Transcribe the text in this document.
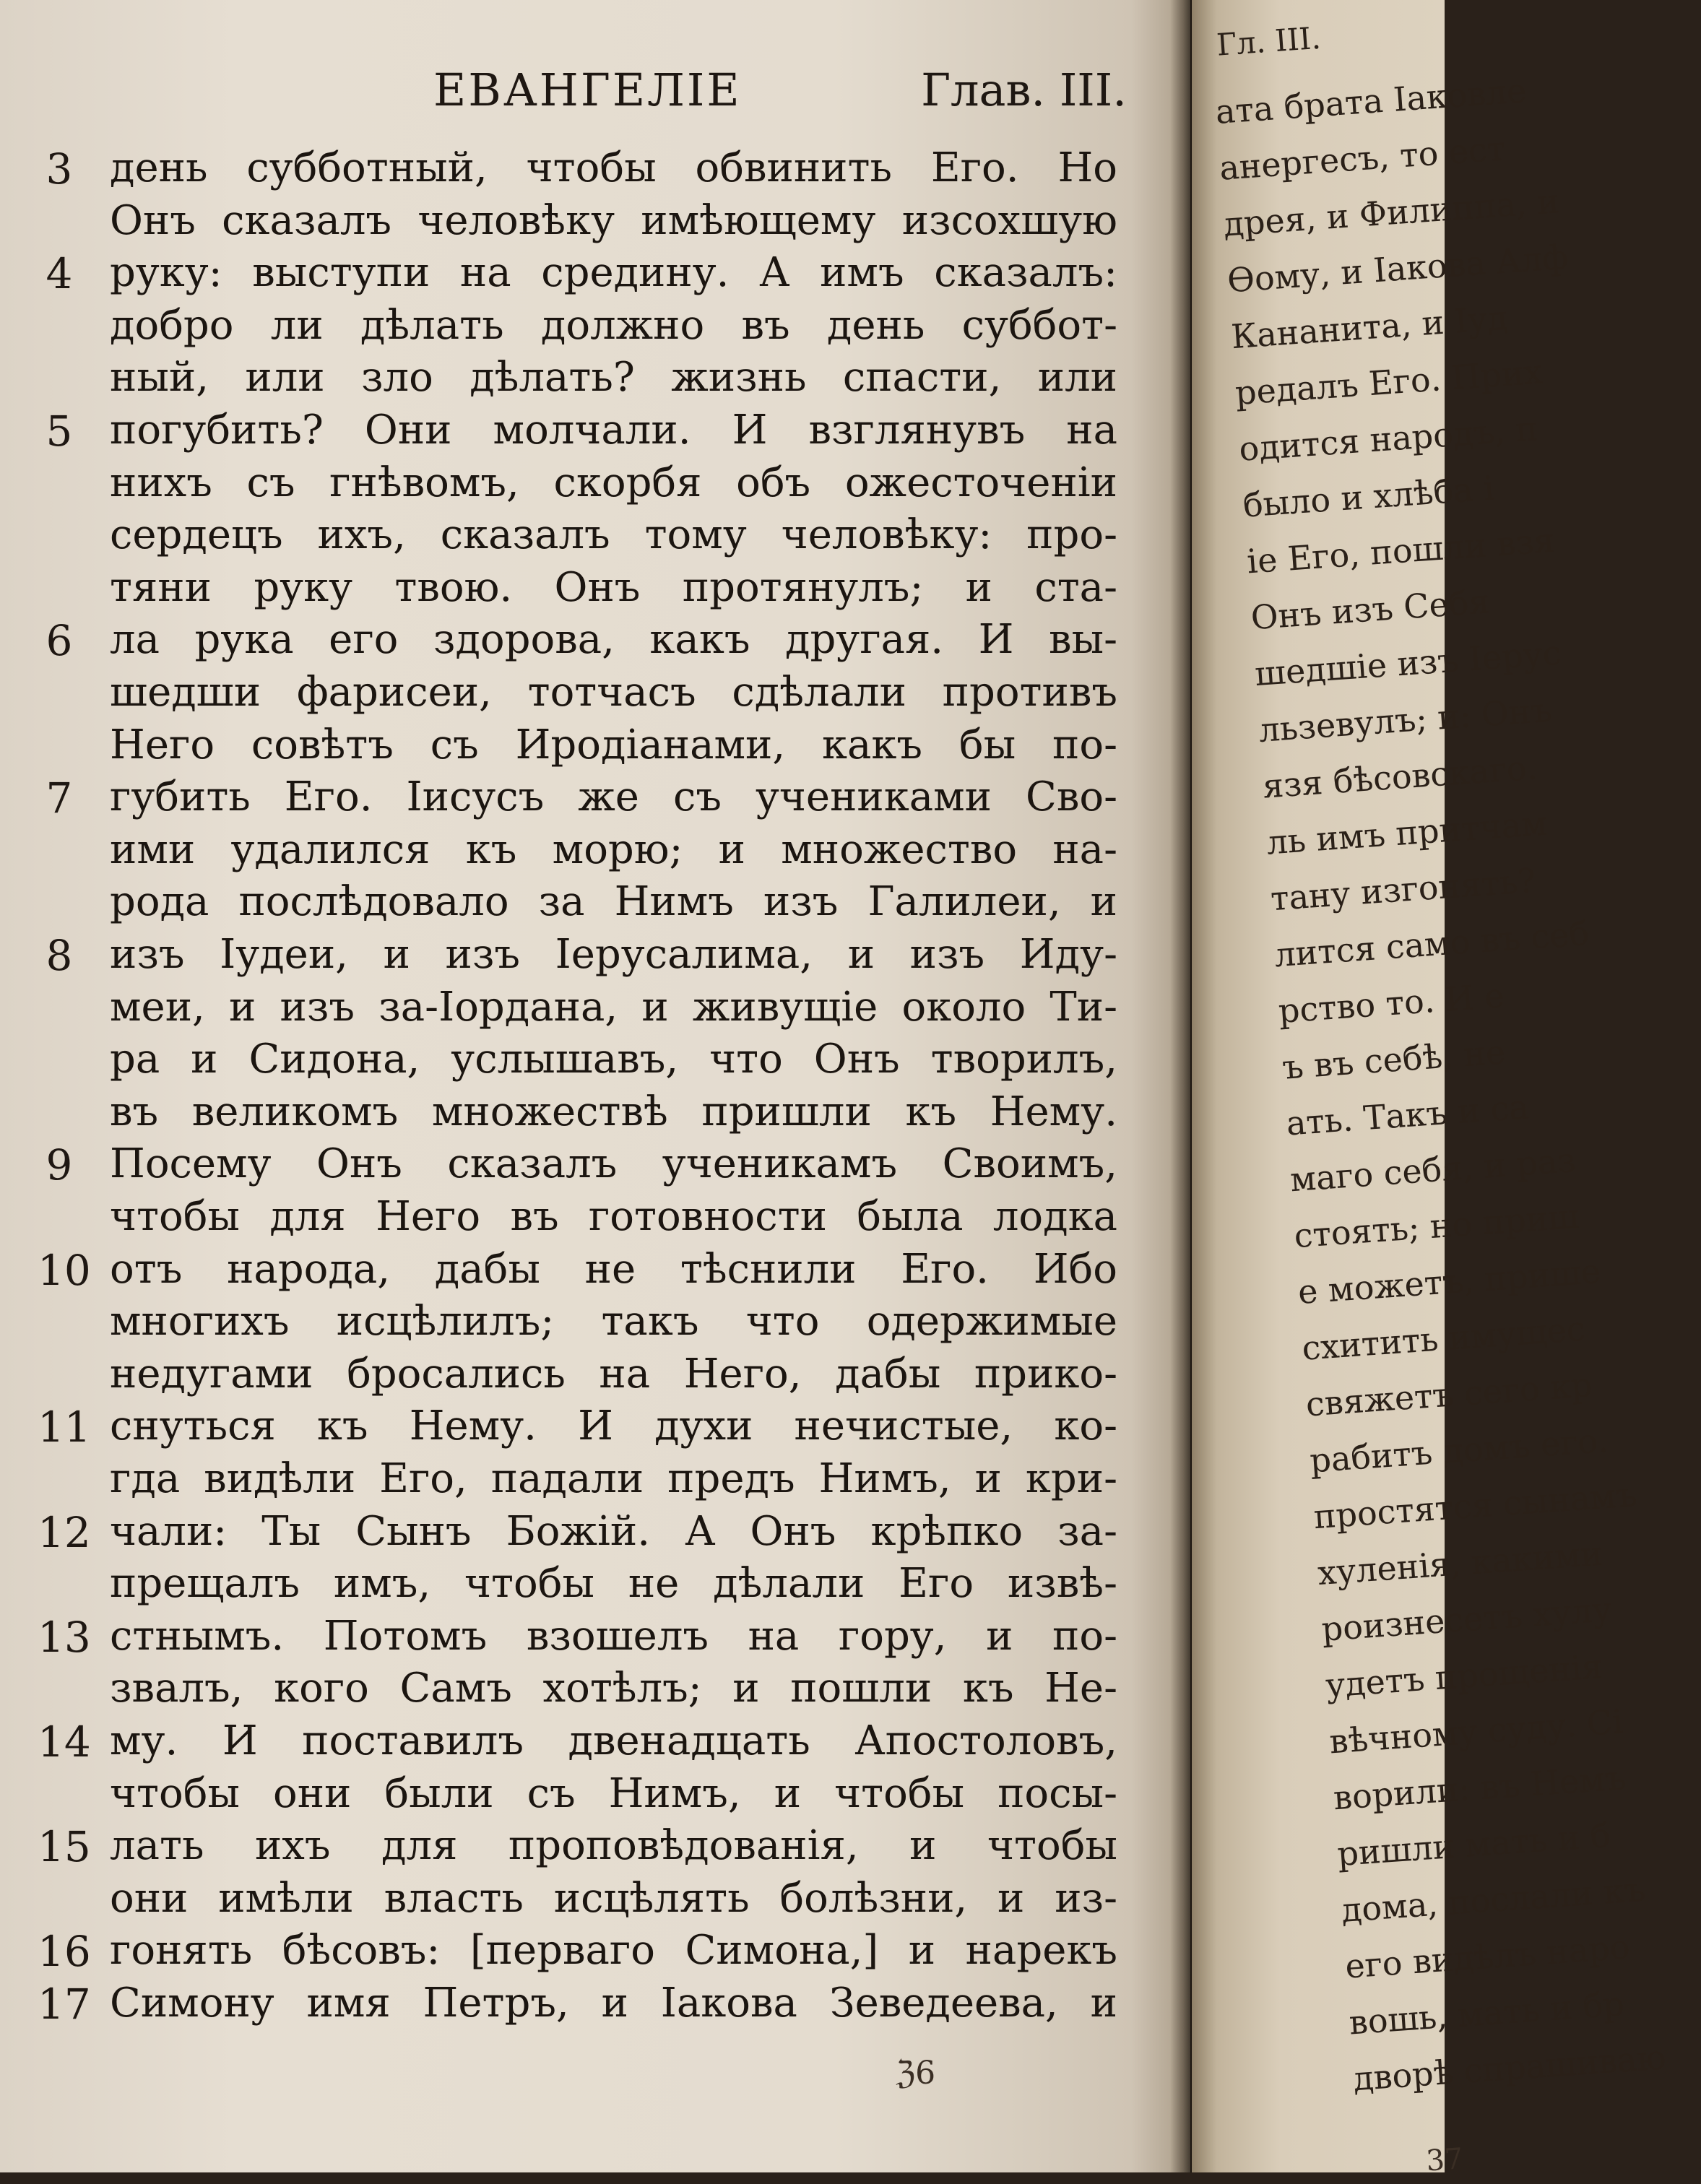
ЕВАНГЕЛІЕ	Глав. III.
3 день субботный, чтобы обвинить Его. Но
Онъ сказалъ человѣку имѣющему изсохшую
4 руку: выступи на средину. А имъ сказалъ:
добро ли дѣлать должно въ день суббот-
ный, или зло дѣлать? жизнь спасти, или
5 погубить? Они молчали. И взглянувъ на
нихъ съ гнѣвомъ, скорбя объ ожесточеніи
сердецъ ихъ, сказалъ тому человѣку: про-
тяни руку твою. Онъ протянулъ; и ста-
6 ла рука его здорова, какъ другая. И вы-
шедши фарисеи, тотчасъ сдѣлали противъ
Него совѣтъ съ Иродіанами, какъ бы по-
7 губить Его. Іисусъ же съ учениками Сво-
ими удалился къ морю; и множество на-
рода послѣдовало за Нимъ изъ Галилеи, и
8 изъ Іудеи, и изъ Іерусалима, и изъ Иду-
меи, и изъ за-Іордана, и живущіе около Ти-
ра и Сидона, услышавъ, что Онъ творилъ,
въ великомъ множествѣ пришли къ Нему.
9 Посему Онъ сказалъ ученикамъ Своимъ,
чтобы для Него въ готовности была лодка
10 отъ народа, дабы не тѣснили Его. Ибо
многихъ исцѣлилъ; такъ что одержимые
недугами бросались на Него, дабы прико-
11 снуться къ Нему. И духи нечистые, ко-
гда видѣли Его, падали предъ Нимъ, и кри-
12 чали: Ты Сынъ Божій. А Онъ крѣпко за-
прещалъ имъ, чтобы не дѣлали Его извѣ-
13 стнымъ. Потомъ взошелъ на гору, и по-
звалъ, кого Самъ хотѣлъ; и пошли къ Не-
14 му. И поставилъ двенадцать Апостоловъ,
чтобы они были съ Нимъ, и чтобы посы-
15 лать ихъ для проповѣдованія, и чтобы
они имѣли власть исцѣлять болѣзни, и из-
16 гонять бѣсовъ: [перваго Симона,] и нарекъ
17 Симону имя Петръ, и Іакова Зеведеева, и
ℨ6
Гл. III.
ата брата Іаковле
анергесъ, то ест
дрея, и Филиппа, и
Ѳому, и Іакова Алф
Кананита, и Іуд
редалъ Его. Прих
одится народъ, п
было и хлѣба і
іе Его, пошли взя
Онъ изъ Себя
шедшіе изъ Іерус
льзевулъ; и: Онъ
язя бѣсовскаго.
ль имъ притчам
тану изгонять?
лится само въ себ
рство то. И е
ъ въ себѣ, не
ать. Такъ и са
маго себя, и раз
стоять; но приш
е можетъ, прише
схитить имущес
свяжетъ сего кр
рабитъ домъ его.
простятся сынамъ
хуленія, какими
роизнесетъ хулу
удетъ прощенія
вѣчному суду. Сі
ворили: въ Немъ
ришли мать и б
дома, послали къ
его видѣлъ наро
вошь, мать и бр
дворѣ спрашиваю
37
